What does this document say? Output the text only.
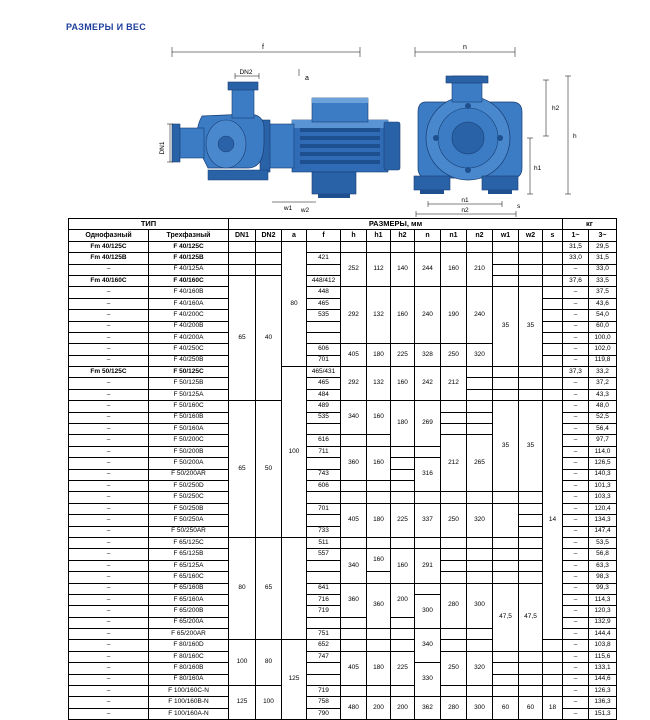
РАЗМЕРЫ И ВЕС
f
a
DN2
DN1
w1 w2
n
h2
h
h1
s
n1
n2
ТИП		РАЗМЕРЫ, мм													кг	
Однофазный	Трехфазный	DN1	DN2	a	f	h	h1	h2	n	n1	n2	w1	w2	s	1~	3~
Fm 40/125C	F 40/125C			80											31,5	29,5
Fm 40/125B	F 40/125B				421	252	112	140	244	160	210				33,0	31,5
–	F 40/125A														–	33,0
Fm 40/160C	F 40/160C	65	40		448/412										37,6	33,5
–	F 40/160B				448	292	132	160	240	190	240	35	35		–	37,5
–	F 40/160A				465										–	43,6
–	F 40/200C				535										–	54,0
–	F 40/200B														–	60,0
–	F 40/200A														–	100,0
–	F 40/250C				606	405	180	225	328	250	320				–	102,0
–	F 40/250B				701										–	119,8
Fm 50/125C	F 50/125C			100	465/431	292	132	160	242	212					37,3	33,2
–	F 50/125B				465										–	37,2
–	F 50/125A				484										–	43,3
–	F 50/160C	65	50		489	340	160	180	269			35	35	14	–	48,0
–	F 50/160B				535										–	52,5
–	F 50/160A														–	56,4
–	F 50/200C				616					212	265				–	97,7
–	F 50/200B				711	360	160								–	114,0
–	F 50/200A								316						–	126,5
–	F 50/200AR				743										–	140,3
–	F 50/250D				606										–	101,3
–	F 50/250C														–	103,3
–	F 50/250B				701	405	180	225	337	250	320				–	120,4
–	F 50/250A														–	134,3
–	F 50/250AR				733										–	147,4
–	F 65/125C	80	65		511										–	53,5
–	F 65/125B				557	340	160	160	291						–	56,8
–	F 65/125A														–	63,3
–	F 65/160C														–	98,3
–	F 65/160B				641	360	360	200		280	300	47,5	47,5		–	99,3
–	F 65/160A				716				300						–	114,3
–	F 65/200B				719										–	120,3
–	F 65/200A														–	132,9
–	F 65/200AR				751				340						–	144,4
–	F 80/160D	100	80	125	652										–	103,8
–	F 80/160C				747	405	180	225		250	320				–	115,6
–	F 80/160B								330						–	133,1
–	F 80/160A														–	144,6
–	F 100/160C-N	125	100		719										–	126,3
–	F 100/160B-N				758	480	200	200	362	280	300	60	60	18	–	136,3
–	F 100/160A-N				790										–	151,3
